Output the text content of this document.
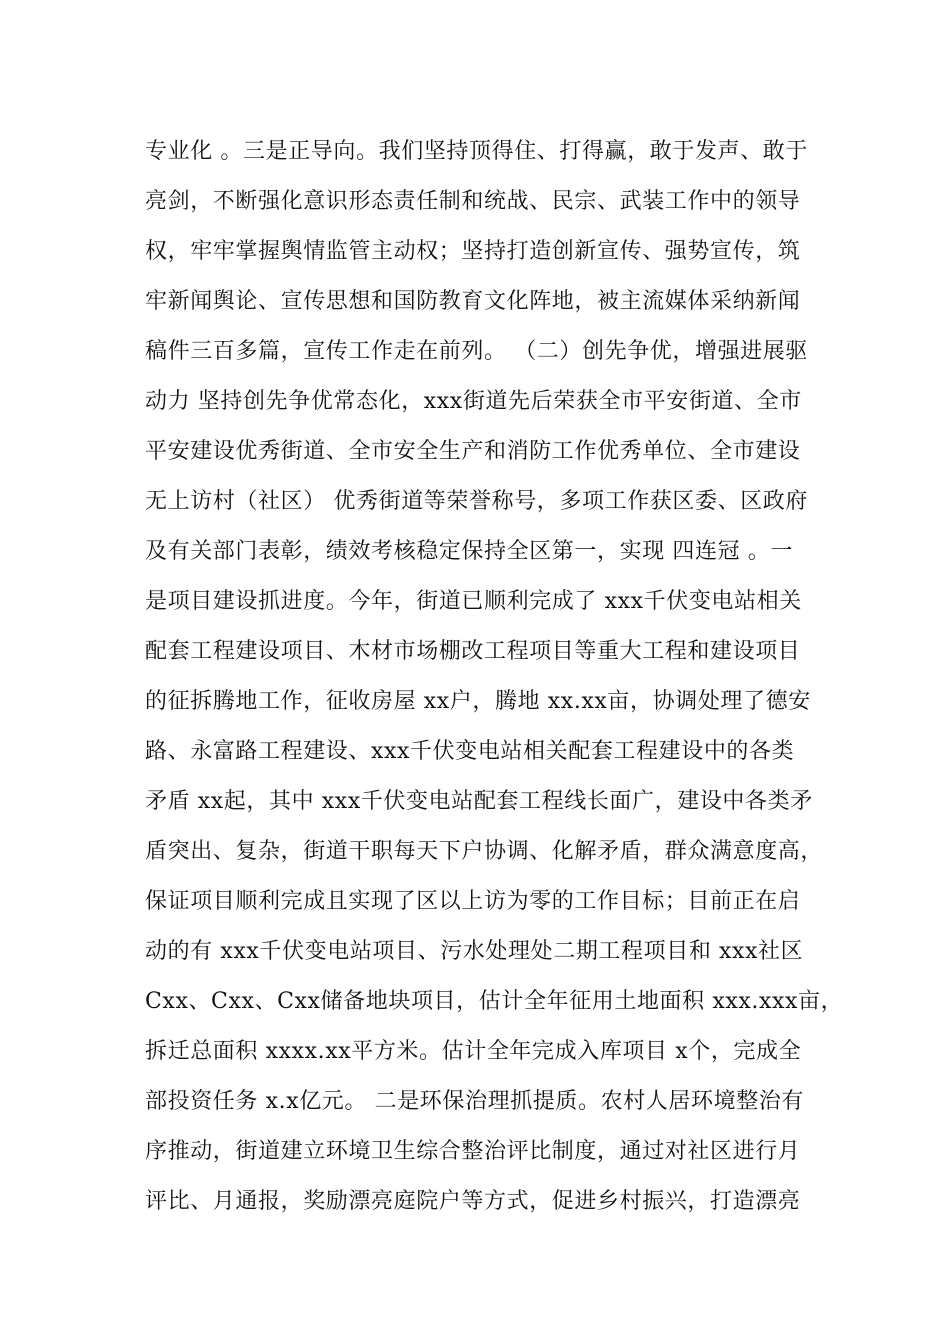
专业化 。三是正导向。我们坚持顶得住、打得赢，敢于发声、敢于
亮剑，不断强化意识形态责任制和统战、民宗、武装工作中的领导
权，牢牢掌握舆情监管主动权；坚持打造创新宣传、强势宣传，筑
牢新闻舆论、宣传思想和国防教育文化阵地，被主流媒体采纳新闻
稿件三百多篇，宣传工作走在前列。 （二）创先争优，增强进展驱
动力 坚持创先争优常态化，xxx街道先后荣获全市平安街道、全市
平安建设优秀街道、全市安全生产和消防工作优秀单位、全市建设
无上访村（社区） 优秀街道等荣誉称号，多项工作获区委、区政府
及有关部门表彰，绩效考核稳定保持全区第一，实现 四连冠 。一
是项目建设抓进度。今年，街道已顺利完成了 xxx千伏变电站相关
配套工程建设项目、木材市场棚改工程项目等重大工程和建设项目
的征拆腾地工作，征收房屋 xx户，腾地 xx.xx亩，协调处理了德安
路、永富路工程建设、xxx千伏变电站相关配套工程建设中的各类
矛盾 xx起，其中 xxx千伏变电站配套工程线长面广，建设中各类矛
盾突出、复杂，街道干职每天下户协调、化解矛盾，群众满意度高，
保证项目顺利完成且实现了区以上访为零的工作目标；目前正在启
动的有 xxx千伏变电站项目、污水处理处二期工程项目和 xxx社区
Cxx、Cxx、Cxx储备地块项目，估计全年征用土地面积 xxx.xxx亩，
拆迁总面积 xxxx.xx平方米。估计全年完成入库项目 x个，完成全
部投资任务 x.x亿元。 二是环保治理抓提质。农村人居环境整治有
序推动，街道建立环境卫生综合整治评比制度，通过对社区进行月
评比、月通报，奖励漂亮庭院户等方式，促进乡村振兴，打造漂亮
